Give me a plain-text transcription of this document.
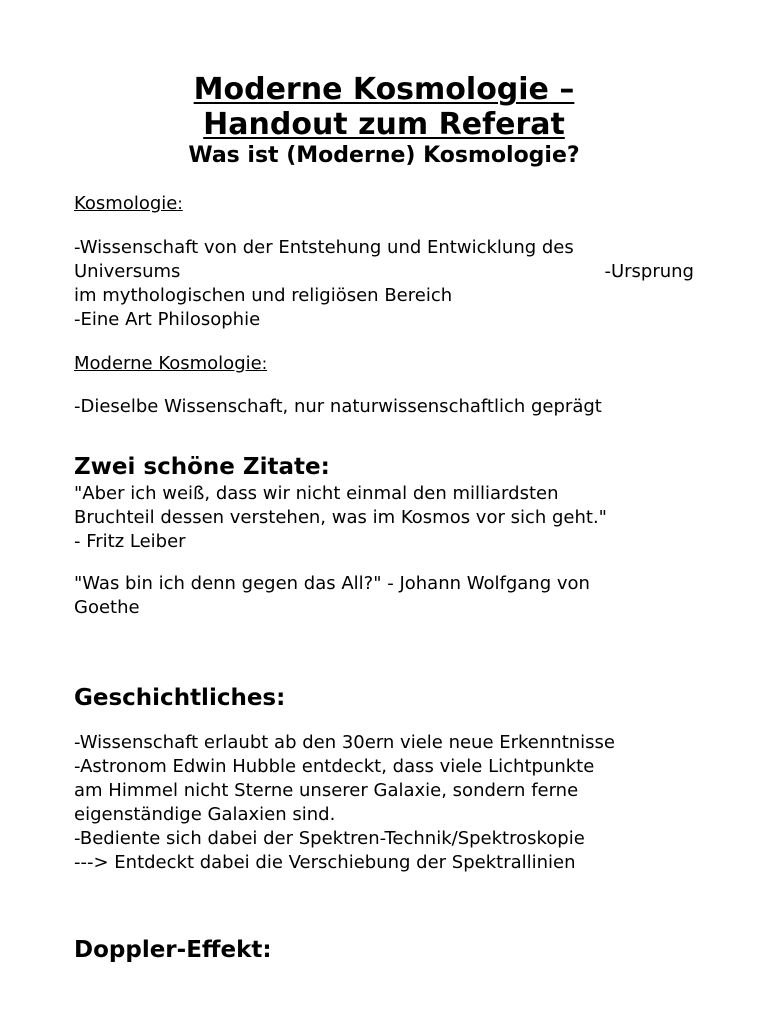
Moderne Kosmologie –

Handout zum Referat

Was ist (Moderne) Kosmologie?

Kosmologie:

-Wissenschaft von der Entstehung und Entwicklung des

Universums	-Ursprung

im mythologischen und religiösen Bereich

-Eine Art Philosophie

Moderne Kosmologie:

-Dieselbe Wissenschaft, nur naturwissenschaftlich geprägt

Zwei schöne Zitate:

"Aber ich weiß, dass wir nicht einmal den milliardsten

Bruchteil dessen verstehen, was im Kosmos vor sich geht."

- Fritz Leiber

"Was bin ich denn gegen das All?" - Johann Wolfgang von

Goethe

Geschichtliches:

-Wissenschaft erlaubt ab den 30ern viele neue Erkenntnisse

-Astronom Edwin Hubble entdeckt, dass viele Lichtpunkte

am Himmel nicht Sterne unserer Galaxie, sondern ferne

eigenständige Galaxien sind.

-Bediente sich dabei der Spektren-Technik/Spektroskopie

---> Entdeckt dabei die Verschiebung der Spektrallinien

Doppler-Effekt:
